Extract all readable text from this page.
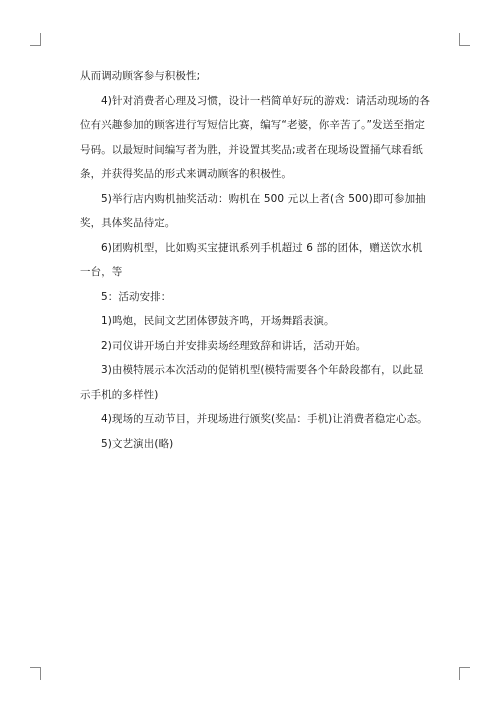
从而调动顾客参与积极性;

4)针对消费者心理及习惯，设计一档简单好玩的游戏：请活动现场的各位有兴趣参加的顾客进行写短信比赛，编写“老婆，你辛苦了。”发送至指定号码。以最短时间编写者为胜，并设置其奖品;或者在现场设置捅气球看纸条，并获得奖品的形式来调动顾客的积极性。

5)举行店内购机抽奖活动：购机在 500 元以上者(含 500)即可参加抽奖，具体奖品待定。

6)团购机型，比如购买宝捷讯系列手机超过 6 部的团体，赠送饮水机一台，等

5：活动安排：

1)鸣炮，民间文艺团体锣鼓齐鸣，开场舞蹈表演。

2)司仪讲开场白并安排卖场经理致辞和讲话，活动开始。

3)由模特展示本次活动的促销机型(模特需要各个年龄段都有，以此显示手机的多样性)

4)现场的互动节目，并现场进行颁奖(奖品：手机)让消费者稳定心态。

5)文艺演出(略)
